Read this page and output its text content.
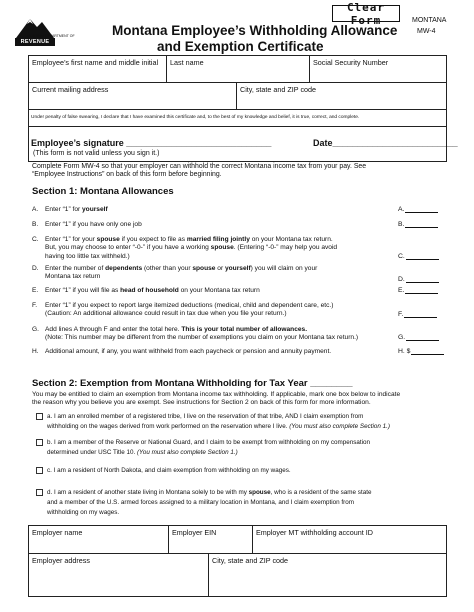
MONTANA DEPARTMENT OF
REVENUE
Montana Employee’s Withholding Allowance
and Exemption Certificate
Clear Form	MONTANA
MW-4
Employee’s first name and middle initial	Last name	Social Security Number
Current mailing address	City, state and ZIP code
Under penalty of false swearing, I declare that I have examined this certificate and, to the best of my knowledge and belief, it is true, correct, and complete.
Employee’s signature _____________________________
(This form is not valid unless you sign it.)
Date_________________________
Complete Form MW-4 so that your employer can withhold the correct Montana income tax from your pay. See
“Employee Instructions” on back of this form before beginning.
Section 1: Montana Allowances
A. Enter “1” for yourself	A.
B. Enter “1” if you have only one job	B.
C. Enter “1” for your spouse if you expect to file as married filing jointly on your Montana tax return.
But, you may choose to enter “-0-” if you have a working spouse. (Entering “-0-” may help you avoid
having too little tax withheld.)	C.
D. Enter the number of dependents (other than your spouse or yourself) you will claim on your
Montana tax return	D.
E. Enter “1” if you will file as head of household on your Montana tax return	E.
F. Enter “1” if you expect to report large itemized deductions (medical, child and dependent care, etc.)
(Caution: An additional allowance could result in tax due when you file your return.)	F.
G. Add lines A through F and enter the total here. This is your total number of allowances.
(Note: This number may be different from the number of exemptions you claim on your Montana tax return.)	G.
H. Additional amount, if any, you want withheld from each paycheck or pension and annuity payment.	H. $
Section 2: Exemption from Montana Withholding for Tax Year ________
You may be entitled to claim an exemption from Montana income tax withholding. If applicable, mark one box below to indicate
the reason why you believe you are exempt. See instructions for Section 2 on back of this form for more information.
a. I am an enrolled member of a registered tribe, I live on the reservation of that tribe, AND I claim exemption from
withholding on the wages derived from work performed on the reservation where I live. (You must also complete Section 1.)
b. I am a member of the Reserve or National Guard, and I claim to be exempt from withholding on my compensation
determined under USC Title 10. (You must also complete Section 1.)
c. I am a resident of North Dakota, and claim exemption from withholding on my wages.
d. I am a resident of another state living in Montana solely to be with my spouse, who is a resident of the same state
and a member of the U.S. armed forces assigned to a military location in Montana, and I claim exemption from
withholding on my wages.
Employer name	Employer EIN	Employer MT withholding account ID
Employer address	City, state and ZIP code
